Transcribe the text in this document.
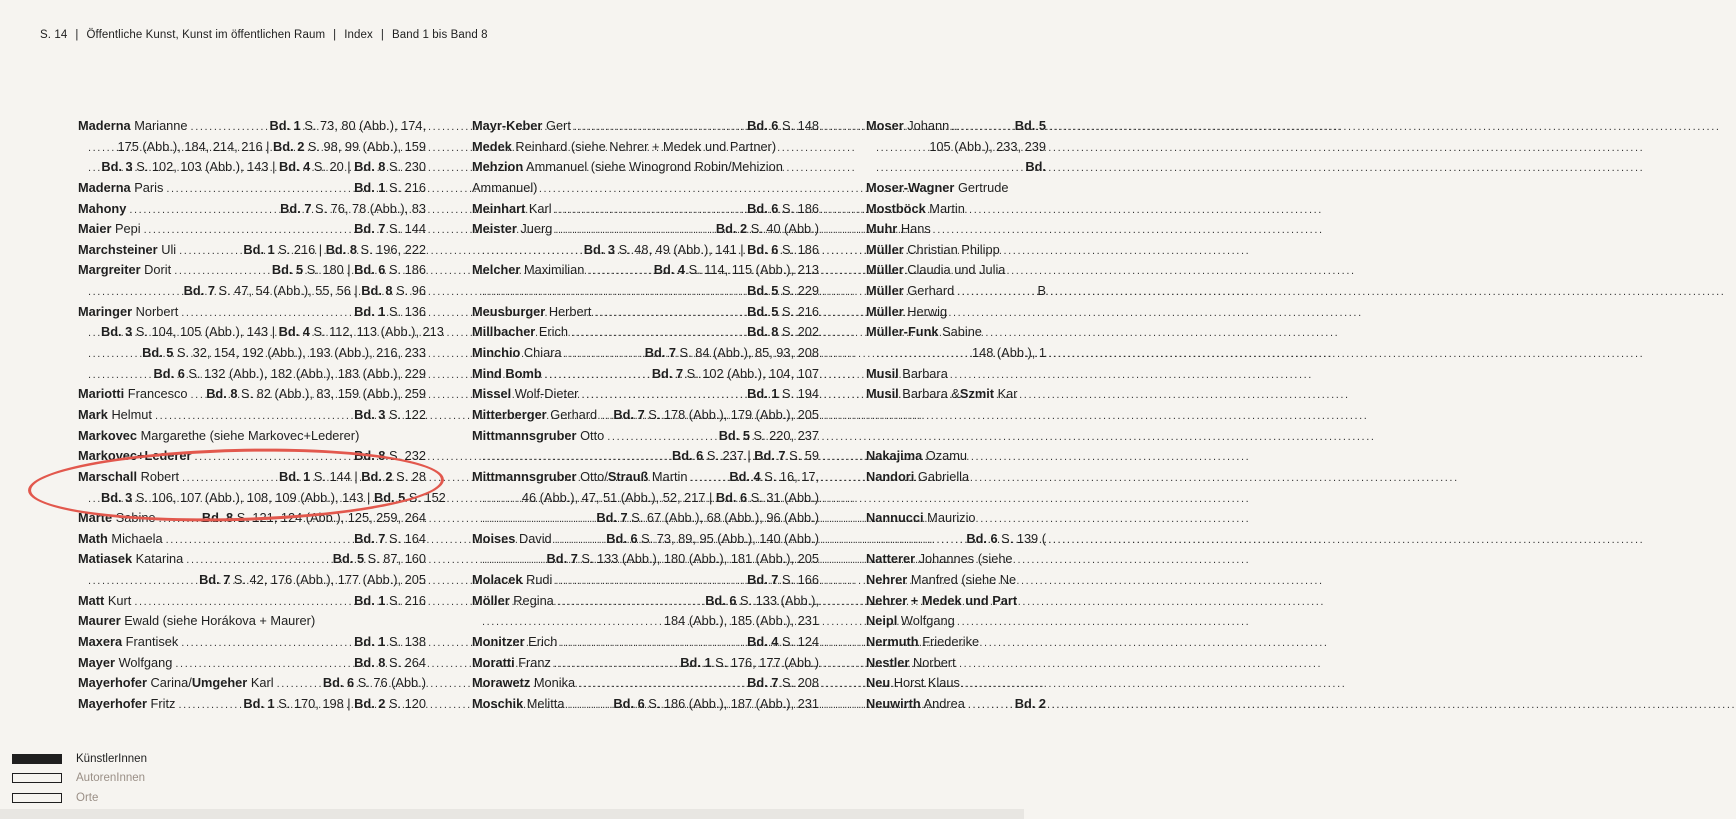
S. 14 | Öffentliche Kunst, Kunst im öffentlichen Raum | Index | Band 1 bis Band 8
Maderna Marianne .....	Bd. 1 S. 73, 80 (Abb.), 174,
.....
175 (Abb.), 184, 214, 216 | Bd. 2 S. 98, 99 (Abb.), 159
.....
Bd. 3 S. 102, 103 (Abb.), 143 | Bd. 4 S. 20 | Bd. 8 S. 230
Maderna Paris .....	Bd. 1 S. 216
Mahony .....	Bd. 7 S. 76, 78 (Abb.), 83
Maier Pepi .....	Bd. 7 S. 144
Marchsteiner Uli .....	Bd. 1 S. 216 | Bd. 8 S. 196, 222
Margreiter Dorit .....	Bd. 5 S. 180 | Bd. 6 S. 186
.....
Bd. 7 S. 47, 54 (Abb.), 55, 56 | Bd. 8 S. 96
Maringer Norbert .....	Bd. 1 S. 136
.....
Bd. 3 S. 104, 105 (Abb.), 143 | Bd. 4 S. 112, 113 (Abb.), 213
.....
Bd. 5 S. 32, 154, 192 (Abb.), 193 (Abb.), 216, 233
.....
Bd. 6 S. 132 (Abb.), 182 (Abb.), 183 (Abb.), 229
Mariotti Francesco ..... Bd. 8 S. 82 (Abb.), 83, 159 (Abb.), 259
Mark Helmut .....	Bd. 3 S. 122
Markovec Margarethe (siehe Markovec+Lederer)
Markovec+Lederer .....	Bd. 8 S. 232
Marschall Robert .....	Bd. 1 S. 144 | Bd. 2 S. 28
.....
Bd. 3 S. 106, 107 (Abb.), 108, 109 (Abb.), 143 | Bd. 5 S. 152
Marte Sabine .....	Bd. 8 S. 121, 124 (Abb.), 125, 259, 264
Math Michaela .....	Bd. 7 S. 164
Matiasek Katarina .....	Bd. 5 S. 87, 160
.....
Bd. 7 S. 42, 176 (Abb.), 177 (Abb.), 205
Matt Kurt .....	Bd. 1 S. 216
Maurer Ewald (siehe Horákova + Maurer)
Maxera Frantisek .....	Bd. 1 S. 138
Mayer Wolfgang .....	Bd. 8 S. 264
Mayerhofer Carina/Umgeher Karl .....	Bd. 6 S. 76 (Abb.)
Mayerhofer Fritz .....	Bd. 1 S. 170, 198 | Bd. 2 S. 120
Mayr-Keber Gert .....	Bd. 6 S. 148
Medek Reinhard (siehe Nehrer + Medek und Partner)
Mehzion Ammanuel (siehe Winogrond Robin/Mehizion
Ammanuel)
Meinhart Karl .....	Bd. 6 S. 186
Meister Juerg .....	Bd. 2 S. 40 (Abb.)
.....
Bd. 3 S. 48, 49 (Abb.), 141 | Bd. 6 S. 186
Melcher Maximilian .....	Bd. 4 S. 114, 115 (Abb.), 213
.....
Bd. 5 S. 229
Meusburger Herbert .....	Bd. 5 S. 216
Millbacher Erich .....	Bd. 8 S. 202
Minchio Chiara .....	Bd. 7 S. 84 (Abb.), 85, 93, 208
Mind Bomb .....	Bd. 7 S. 102 (Abb.), 104, 107
Missel Wolf-Dieter .....	Bd. 1 S. 194
Mitterberger Gerhard ..... Bd. 7 S. 178 (Abb.), 179 (Abb.), 205
Mittmannsgruber Otto .....	Bd. 5 S. 220, 237
.....
Bd. 6 S. 237 | Bd. 7 S. 59
Mittmannsgruber Otto/Strauß Martin .....	Bd. 4 S. 16, 17,
.....
46 (Abb.), 47, 51 (Abb.), 52, 217 | Bd. 6 S. 31 (Abb.)
.....
Bd. 7 S. 67 (Abb.), 68 (Abb.), 96 (Abb.)
Moises David .....	Bd. 6 S. 73, 89, 95 (Abb.), 140 (Abb.)
.....
Bd. 7 S. 133 (Abb.), 180 (Abb.), 181 (Abb.), 205
Molacek Rudi .....	Bd. 7 S. 166
Möller Regina .....	Bd. 6 S. 133 (Abb.),
.....
184 (Abb.), 185 (Abb.), 231
Monitzer Erich .....	Bd. 4 S. 124
Moratti Franz .....	Bd. 1 S. 176, 177 (Abb.)
Morawetz Monika .....	Bd. 7 S. 208
Moschik Melitta .....	Bd. 6 S. 186 (Abb.), 187 (Abb.), 231
Moser Johann .....	Bd. 5
.....
105 (Abb.), 233, 239
.....
Bd.
Moser-Wagner Gertrude
Mostböck Martin
Muhr Hans
Müller Christian Philipp
Müller Claudia und Julia
Müller Gerhard .....	B
Müller Herwig
Müller-Funk Sabine
.....
148 (Abb.), 1
Musil Barbara
Musil Barbara &Szmit Kar
Nakajima Ozamu
Nandori Gabriella
Nannucci Maurizio
.....
Bd. 6 S. 139 (
Natterer Johannes (siehe
Nehrer Manfred (siehe Ne
Nehrer + Medek und Part
Neipl Wolfgang
Nermuth Friederike
Nestler Norbert
Neu Horst Klaus
Neuwirth Andrea .....	Bd. 2
KünstlerInnen
AutorenInnen
Orte
